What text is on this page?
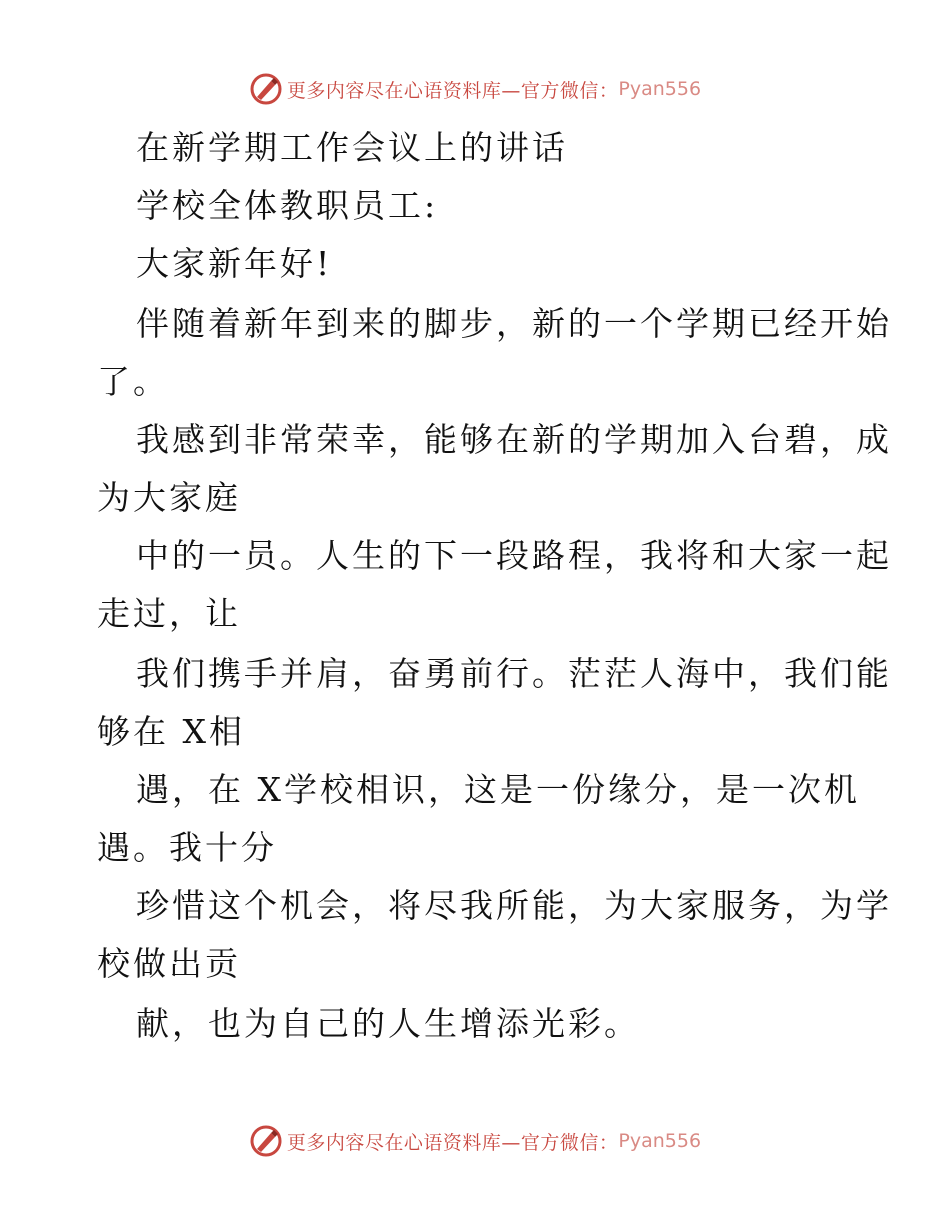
更多内容尽在心语资料库—官方微信： Pyan556
在新学期工作会议上的讲话
学校全体教职员工:
大家新年好!
伴随着新年到来的脚步，新的一个学期已经开始
了。
我感到非常荣幸，能够在新的学期加入台碧，成
为大家庭
中的一员。人生的下一段路程，我将和大家一起
走过，让
我们携手并肩，奋勇前行。茫茫人海中，我们能
够在 X相
遇，在 X学校相识，这是一份缘分，是一次机
遇。我十分
珍惜这个机会，将尽我所能，为大家服务，为学
校做出贡
献，也为自己的人生增添光彩。
更多内容尽在心语资料库—官方微信： Pyan556
